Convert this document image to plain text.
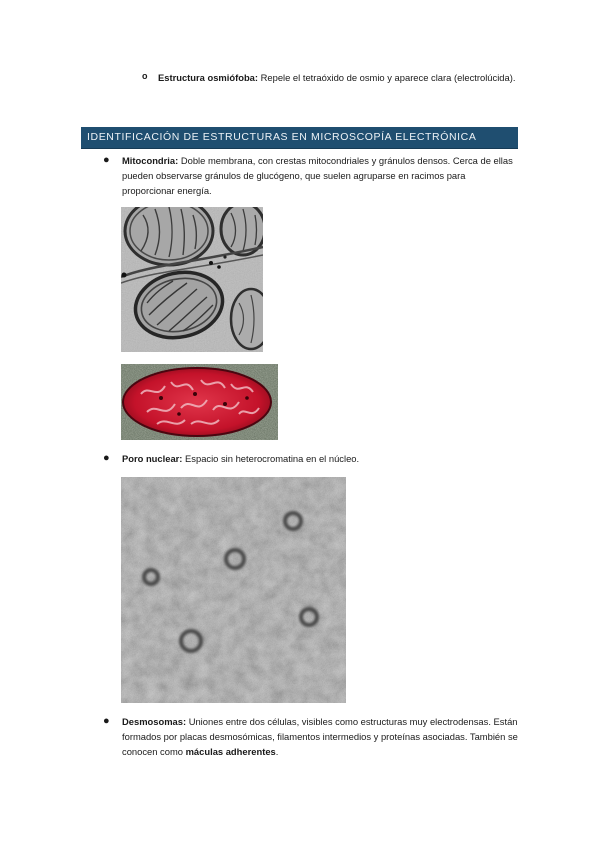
o Estructura osmiófoba: Repele el tetraóxido de osmio y aparece clara (electrolúcida).
IDENTIFICACIÓN DE ESTRUCTURAS EN MICROSCOPÍA ELECTRÓNICA
● Mitocondria: Doble membrana, con crestas mitocondriales y gránulos densos. Cerca de ellas pueden observarse gránulos de glucógeno, que suelen agruparse en racimos para proporcionar energía.
● Poro nuclear: Espacio sin heterocromatina en el núcleo.
● Desmosomas: Uniones entre dos células, visibles como estructuras muy electrodensas. Están formados por placas desmosómicas, filamentos intermedios y proteínas asociadas. También se conocen como máculas adherentes.
